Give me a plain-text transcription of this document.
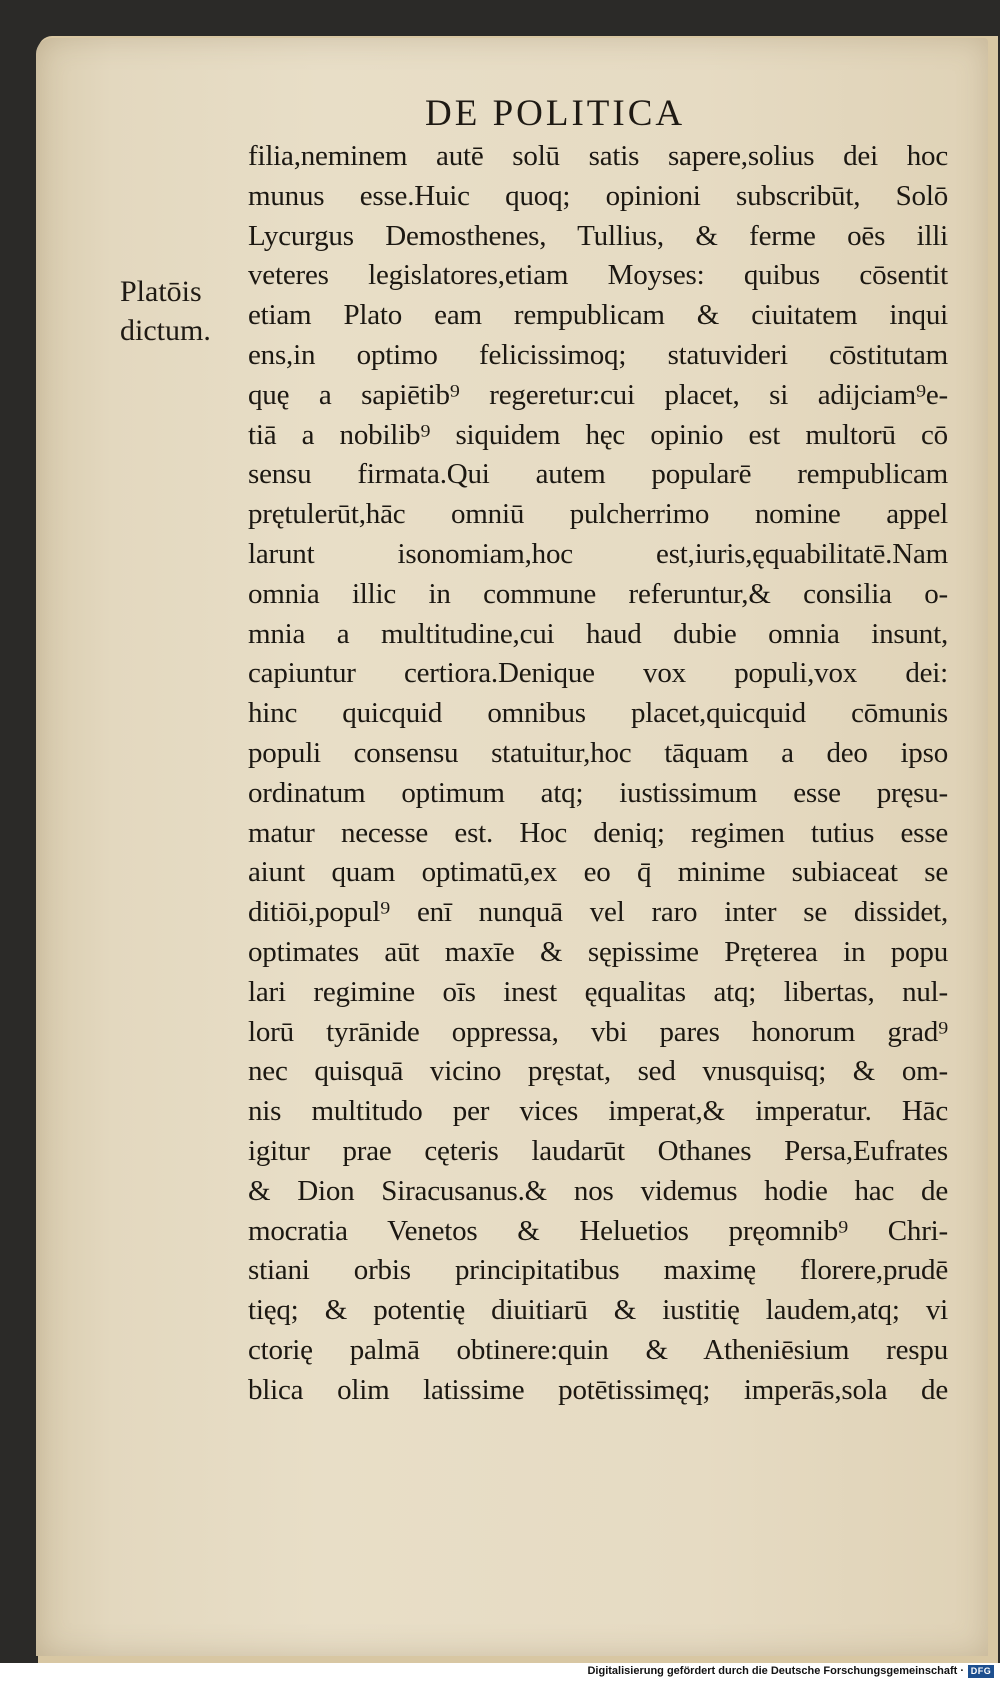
DE POLITICA
Platōis
dictum.
filia,neminem autē solū satis sapere,solius dei hoc
munus esse.Huic quoq; opinioni subscribūt, Solō
Lycurgus Demosthenes, Tullius, & ferme oēs illi
veteres legislatores,etiam Moyses: quibus cōsentit
etiam Plato eam rempublicam & ciuitatem inqui
ens,in optimo felicissimoq; statuvideri cōstitutam
quę a sapiētib⁹ regeretur:cui placet, si adijciam⁹e-
tiā a nobilib⁹ siquidem hęc opinio est multorū cō
sensu firmata.Qui autem popularē rempublicam
prętulerūt,hāc omniū pulcherrimo nomine appel
larunt isonomiam,hoc est,iuris,ęquabilitatē.Nam
omnia illic in commune referuntur,& consilia o-
mnia a multitudine,cui haud dubie omnia insunt,
capiuntur certiora.Denique vox populi,vox dei:
hinc quicquid omnibus placet,quicquid cōmunis
populi consensu statuitur,hoc tāquam a deo ipso
ordinatum optimum atq; iustissimum esse pręsu-
matur necesse est. Hoc deniq; regimen tutius esse
aiunt quam optimatū,ex eo q̄ minime subiaceat se
ditiōi,popul⁹ enī nunquā vel raro inter se dissidet,
optimates aūt maxīe & sępissime Pręterea in popu
lari regimine oīs inest ęqualitas atq; libertas, nul-
lorū tyrānide oppressa, vbi pares honorum grad⁹
nec quisquā vicino pręstat, sed vnusquisq; & om-
nis multitudo per vices imperat,& imperatur. Hāc
igitur prae cęteris laudarūt Othanes Persa,Eufrates
& Dion Siracusanus.& nos videmus hodie hac de
mocratia Venetos & Heluetios pręomnib⁹ Chri-
stiani orbis principitatibus maximę florere,prudē
tięq; & potentię diuitiarū & iustitię laudem,atq; vi
ctorię palmā obtinere:quin & Atheniēsium respu
blica olim latissime potētissimęq; imperās,sola de
Digitalisierung gefördert durch die Deutsche Forschungsgemeinschaft · DFG
